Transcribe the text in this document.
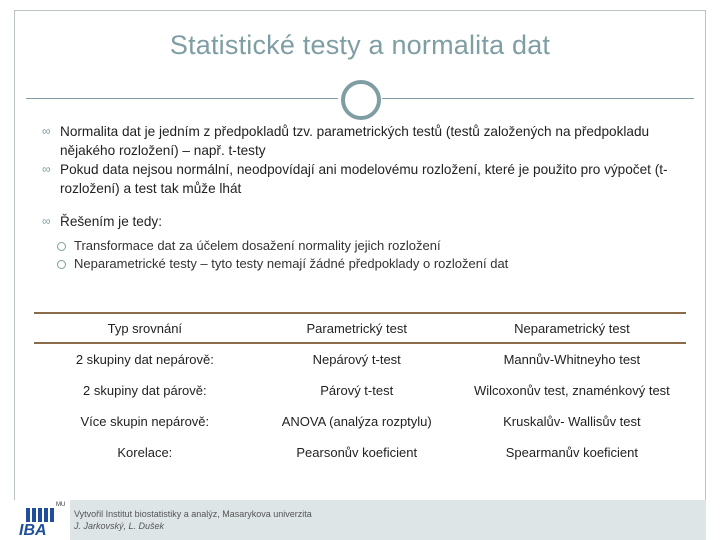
Statistické testy a normalita dat
∞ Normalita dat je jedním z předpokladů tzv. parametrických testů (testů založených na předpokladu nějakého rozložení) – např. t-testy
∞ Pokud data nejsou normální, neodpovídají ani modelovému rozložení, které je použito pro výpočet (t-rozložení) a test tak může lhát
∞ Řešením je tedy:
Transformace dat za účelem dosažení normality jejich rozložení
Neparametrické testy – tyto testy nemají žádné předpoklady o rozložení dat
Typ srovnání	Parametrický test	Neparametrický test
2 skupiny dat nepárově:	Nepárový t-test	Mannův-Whitneyho test
2 skupiny dat párově:	Párový t-test	Wilcoxonův test, znaménkový test
Více skupin nepárově:	ANOVA (analýza rozptylu)	Kruskalův- Wallisův test
Korelace:	Pearsonův koeficient	Spearmanův koeficient
MU
IBA
Vytvořil Institut biostatistiky a analýz, Masarykova univerzita
J. Jarkovský, L. Dušek
